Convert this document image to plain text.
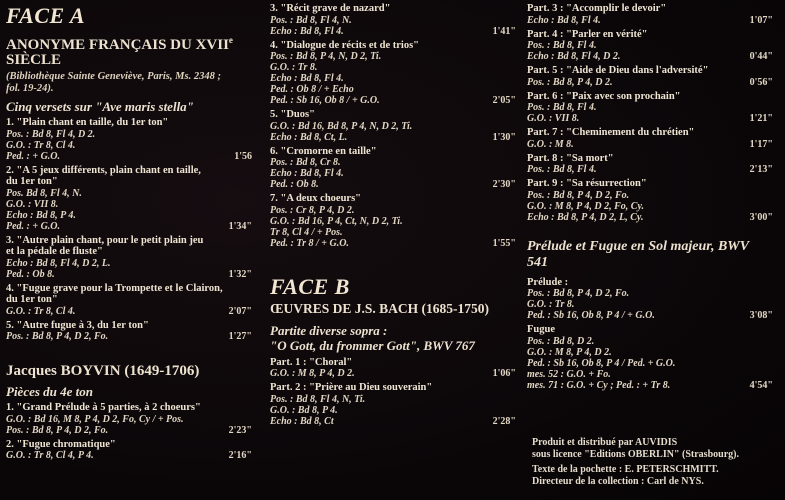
FACE A
ANONYME FRANÇAIS DU XVIIe
SIÈCLE
(Bibliothèque Sainte Geneviève, Paris, Ms. 2348 ;
fol. 19-24).
Cinq versets sur "Ave maris stella"
1. "Plain chant en taille, du 1er ton"
Pos. : Bd 8, Fl 4, D 2.
G.O. : Tr 8, Cl 4.
Ped. : + G.O.	1'56
2. "A 5 jeux différents, plain chant en taille,
du 1er ton"
Pos. Bd 8, Fl 4, N.
G.O. : VII 8.
Echo : Bd 8, P 4.
Ped. : + G.O.	1'34"
3. "Autre plain chant, pour le petit plain jeu
et la pédale de fluste"
Echo : Bd 8, Fl 4, D 2, L.
Ped. : Ob 8.	1'32"
4. "Fugue grave pour la Trompette et le Clairon,
du 1er ton"
G.O. : Tr 8, Cl 4.	2'07"
5. "Autre fugue à 3, du 1er ton"
Pos. : Bd 8, P 4, D 2, Fo.	1'27"
Jacques BOYVIN (1649-1706)
Pièces du 4e ton
1. "Grand Prélude à 5 parties, à 2 choeurs"
G.O. : Bd 16, M 8, P 4, D 2, Fo, Cy / + Pos.
Pos. : Bd 8, P 4, D 2, Fo.	2'23"
2. "Fugue chromatique"
G.O. : Tr 8, Cl 4, P 4.	2'16"
3. "Récit grave de nazard"
Pos. : Bd 8, Fl 4, N.
Echo : Bd 8, Fl 4.	1'41"
4. "Dialogue de récits et de trios"
Pos. : Bd 8, P 4, N, D 2, Ti.
G.O. : Tr 8.
Echo : Bd 8, Fl 4.
Ped. : Ob 8 / + Echo
Ped. : Sb 16, Ob 8 / + G.O.	2'05"
5. "Duos"
G.O. : Bd 16, Bd 8, P 4, N, D 2, Ti.
Echo : Bd 8, Ct, L.	1'30"
6. "Cromorne en taille"
Pos. : Bd 8, Cr 8.
Echo : Bd 8, Fl 4.
Ped. : Ob 8.	2'30"
7. "A deux choeurs"
Pos. : Cr 8, P 4, D 2.
G.O. : Bd 16, P 4, Ct, N, D 2, Ti.
Tr 8, Cl 4 / + Pos.
Ped. : Tr 8 / + G.O.	1'55"
FACE B
ŒUVRES DE J.S. BACH (1685-1750)
Partite diverse sopra :
"O Gott, du frommer Gott", BWV 767
Part. 1 : "Choral"
G.O. : M 8, P 4, D 2.	1'06"
Part. 2 : "Prière au Dieu souverain"
Pos. : Bd 8, Fl 4, N, Ti.
G.O. : Bd 8, P 4.
Echo : Bd 8, Ct	2'28"
Part. 3 : "Accomplir le devoir"
Echo : Bd 8, Fl 4.	1'07"
Part. 4 : "Parler en vérité"
Pos. : Bd 8, Fl 4.
Echo : Bd 8, Fl 4, D 2.	0'44"
Part. 5 : "Aide de Dieu dans l'adversité"
Pos. : Bd 8, P 4, D 2.	0'56"
Part. 6 : "Paix avec son prochain"
Pos. : Bd 8, Fl 4.
G.O. : VII 8.	1'21"
Part. 7 : "Cheminement du chrétien"
G.O. : M 8.	1'17"
Part. 8 : "Sa mort"
Pos. : Bd 8, Fl 4.	2'13"
Part. 9 : "Sa résurrection"
Pos. : Bd 8, P 4, D 2, Fo.
G.O. : M 8, P 4, D 2, Fo, Cy.
Echo : Bd 8, P 4, D 2, L, Cy.	3'00"
Prélude et Fugue en Sol majeur, BWV 541
Prélude :
Pos. : Bd 8, P 4, D 2, Fo.
G.O. : Tr 8.
Ped. : Sb 16, Ob 8, P 4 / + G.O.	3'08"
Fugue
Pos. : Bd 8, D 2.
G.O. : M 8, P 4, D 2.
Ped. : Sb 16, Ob 8, P 4 / Ped. + G.O.
mes. 52 : G.O. + Fo.
mes. 71 : G.O. + Cy ; Ped. : + Tr 8.	4'54"
Produit et distribué par AUVIDIS
sous licence "Editions OBERLIN" (Strasbourg).
Texte de la pochette : E. PETERSCHMITT.
Directeur de la collection : Carl de NYS.
